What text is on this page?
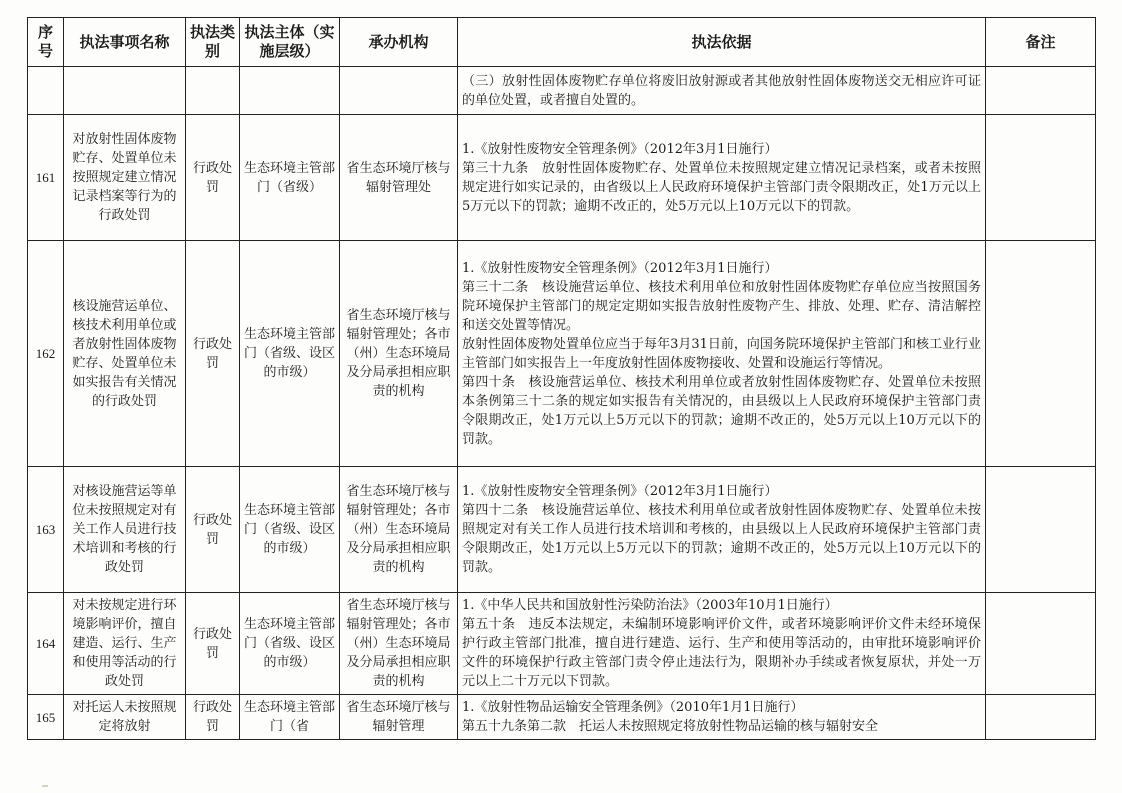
序号	执法事项名称	执法类别	执法主体（实施层级）	承办机构	执法依据	备注

					（三）放射性固体废物贮存单位将废旧放射源或者其他放射性固体废物送交无相应许可证的单位处置，或者擅自处置的。	

161	对放射性固体废物贮存、处置单位未按照规定建立情况记录档案等行为的行政处罚	行政处罚	生态环境主管部门（省级）	省生态环境厅核与辐射管理处	1.《放射性废物安全管理条例》（2012年3月1日施行）
第三十九条　放射性固体废物贮存、处置单位未按照规定建立情况记录档案，或者未按照规定进行如实记录的，由省级以上人民政府环境保护主管部门责令限期改正，处1万元以上5万元以下的罚款；逾期不改正的，处5万元以上10万元以下的罚款。	

162	核设施营运单位、核技术利用单位或者放射性固体废物贮存、处置单位未如实报告有关情况的行政处罚	行政处罚	生态环境主管部门（省级、设区的市级）	省生态环境厅核与辐射管理处；各市（州）生态环境局及分局承担相应职责的机构	1.《放射性废物安全管理条例》（2012年3月1日施行）
第三十二条　核设施营运单位、核技术利用单位和放射性固体废物贮存单位应当按照国务院环境保护主管部门的规定定期如实报告放射性废物产生、排放、处理、贮存、清洁解控和送交处置等情况。
放射性固体废物处置单位应当于每年3月31日前，向国务院环境保护主管部门和核工业行业主管部门如实报告上一年度放射性固体废物接收、处置和设施运行等情况。
第四十条　核设施营运单位、核技术利用单位或者放射性固体废物贮存、处置单位未按照本条例第三十二条的规定如实报告有关情况的，由县级以上人民政府环境保护主管部门责令限期改正，处1万元以上5万元以下的罚款；逾期不改正的，处5万元以上10万元以下的罚款。	

163	对核设施营运等单位未按照规定对有关工作人员进行技术培训和考核的行政处罚	行政处罚	生态环境主管部门（省级、设区的市级）	省生态环境厅核与辐射管理处；各市（州）生态环境局及分局承担相应职责的机构	1.《放射性废物安全管理条例》（2012年3月1日施行）
第四十二条　核设施营运单位、核技术利用单位或者放射性固体废物贮存、处置单位未按照规定对有关工作人员进行技术培训和考核的，由县级以上人民政府环境保护主管部门责令限期改正，处1万元以上5万元以下的罚款；逾期不改正的，处5万元以上10万元以下的罚款。	

164	对未按规定进行环境影响评价，擅自建造、运行、生产和使用等活动的行政处罚	行政处罚	生态环境主管部门（省级、设区的市级）	省生态环境厅核与辐射管理处；各市（州）生态环境局及分局承担相应职责的机构	1.《中华人民共和国放射性污染防治法》（2003年10月1日施行）
第五十条　违反本法规定，未编制环境影响评价文件，或者环境影响评价文件未经环境保护行政主管部门批准，擅自进行建造、运行、生产和使用等活动的，由审批环境影响评价文件的环境保护行政主管部门责令停止违法行为，限期补办手续或者恢复原状，并处一万元以上二十万元以下罚款。	

165	对托运人未按照规定将放射	行政处罚	生态环境主管部门（省	省生态环境厅核与辐射管理	1.《放射性物品运输安全管理条例》（2010年1月1日施行）
第五十九条第二款　托运人未按照规定将放射性物品运输的核与辐射安全	
